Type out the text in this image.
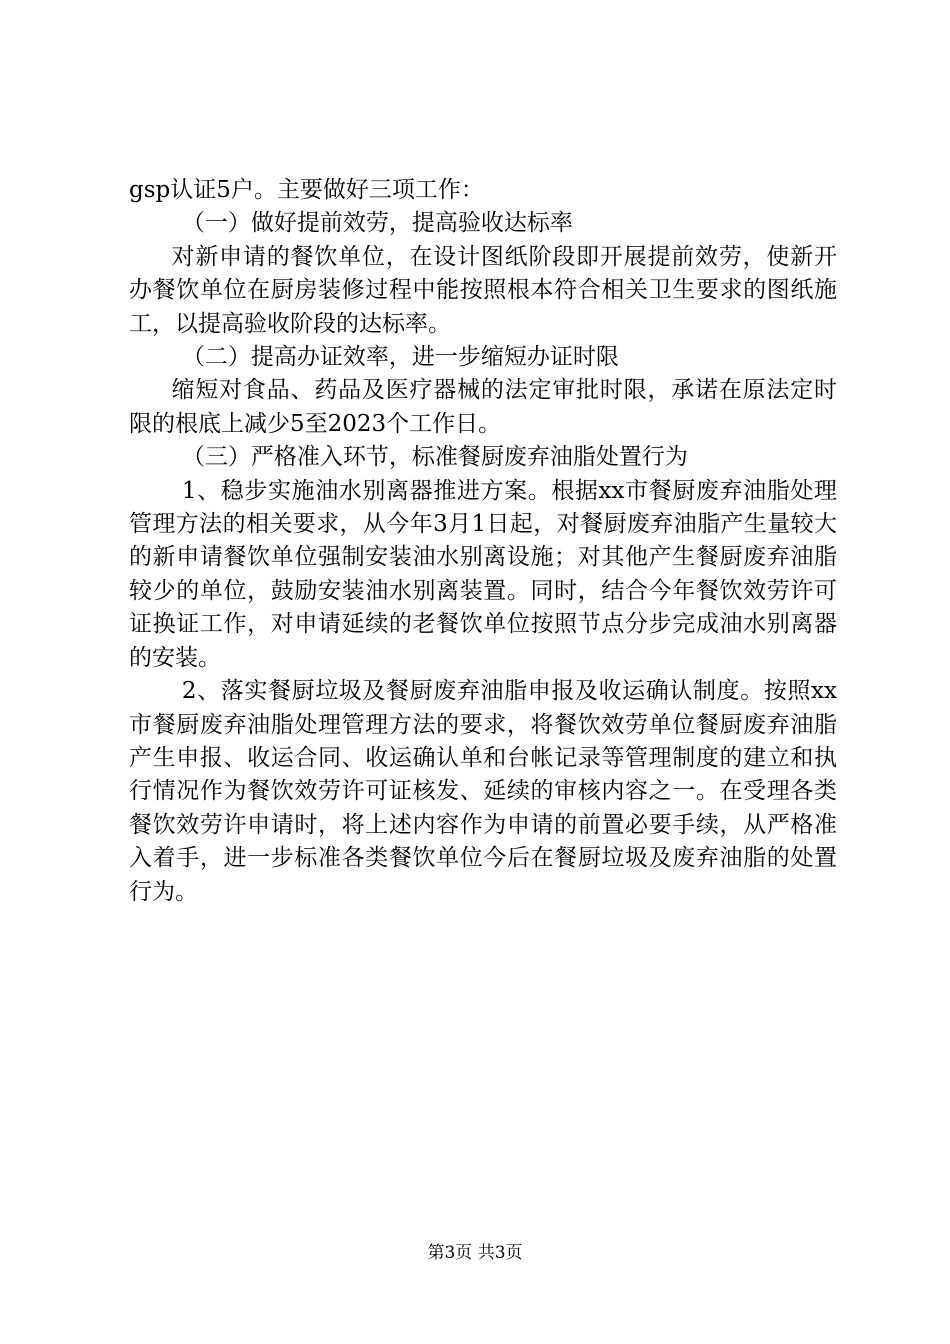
gsp认证5户。主要做好三项工作：

（一）做好提前效劳，提高验收达标率

对新申请的餐饮单位，在设计图纸阶段即开展提前效劳，使新开办餐饮单位在厨房装修过程中能按照根本符合相关卫生要求的图纸施工，以提高验收阶段的达标率。

（二）提高办证效率，进一步缩短办证时限

缩短对食品、药品及医疗器械的法定审批时限，承诺在原法定时限的根底上减少5至2023个工作日。

（三）严格准入环节，标准餐厨废弃油脂处置行为

1、稳步实施油水别离器推进方案。根据xx市餐厨废弃油脂处理管理方法的相关要求，从今年3月1日起，对餐厨废弃油脂产生量较大的新申请餐饮单位强制安装油水别离设施；对其他产生餐厨废弃油脂较少的单位，鼓励安装油水别离装置。同时，结合今年餐饮效劳许可证换证工作，对申请延续的老餐饮单位按照节点分步完成油水别离器的安装。

2、落实餐厨垃圾及餐厨废弃油脂申报及收运确认制度。按照xx市餐厨废弃油脂处理管理方法的要求，将餐饮效劳单位餐厨废弃油脂产生申报、收运合同、收运确认单和台帐记录等管理制度的建立和执行情况作为餐饮效劳许可证核发、延续的审核内容之一。在受理各类餐饮效劳许申请时，将上述内容作为申请的前置必要手续，从严格准入着手，进一步标准各类餐饮单位今后在餐厨垃圾及废弃油脂的处置行为。

第3页 共3页
